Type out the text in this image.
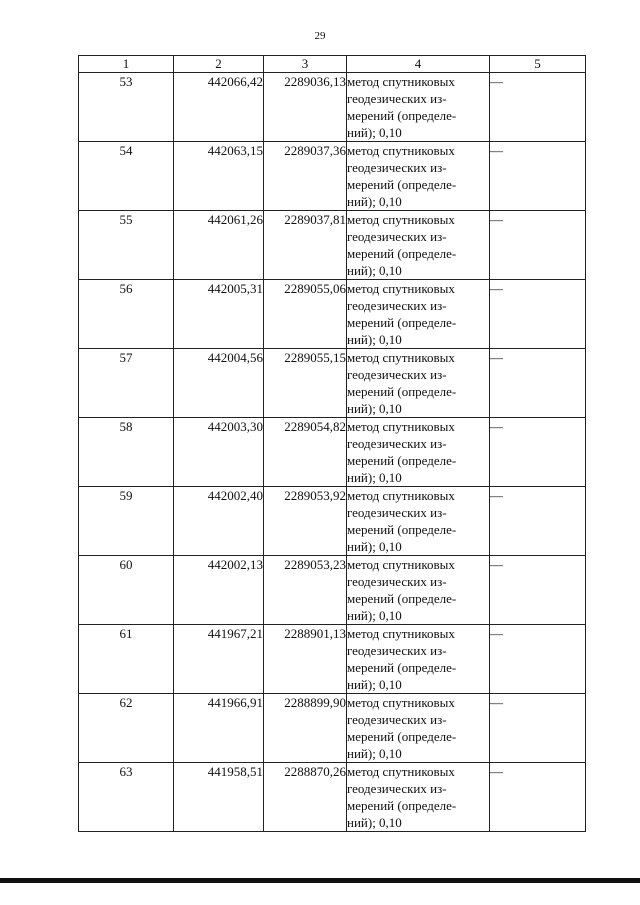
29
1	2	3	4	5
53	442066,42	2289036,13	метод спутниковых
геодезических из-
мерений (определе-
ний); 0,10	—
54	442063,15	2289037,36	метод спутниковых
геодезических из-
мерений (определе-
ний); 0,10	—
55	442061,26	2289037,81	метод спутниковых
геодезических из-
мерений (определе-
ний); 0,10	—
56	442005,31	2289055,06	метод спутниковых
геодезических из-
мерений (определе-
ний); 0,10	—
57	442004,56	2289055,15	метод спутниковых
геодезических из-
мерений (определе-
ний); 0,10	—
58	442003,30	2289054,82	метод спутниковых
геодезических из-
мерений (определе-
ний); 0,10	—
59	442002,40	2289053,92	метод спутниковых
геодезических из-
мерений (определе-
ний); 0,10	—
60	442002,13	2289053,23	метод спутниковых
геодезических из-
мерений (определе-
ний); 0,10	—
61	441967,21	2288901,13	метод спутниковых
геодезических из-
мерений (определе-
ний); 0,10	—
62	441966,91	2288899,90	метод спутниковых
геодезических из-
мерений (определе-
ний); 0,10	—
63	441958,51	2288870,26	метод спутниковых
геодезических из-
мерений (определе-
ний); 0,10	—
